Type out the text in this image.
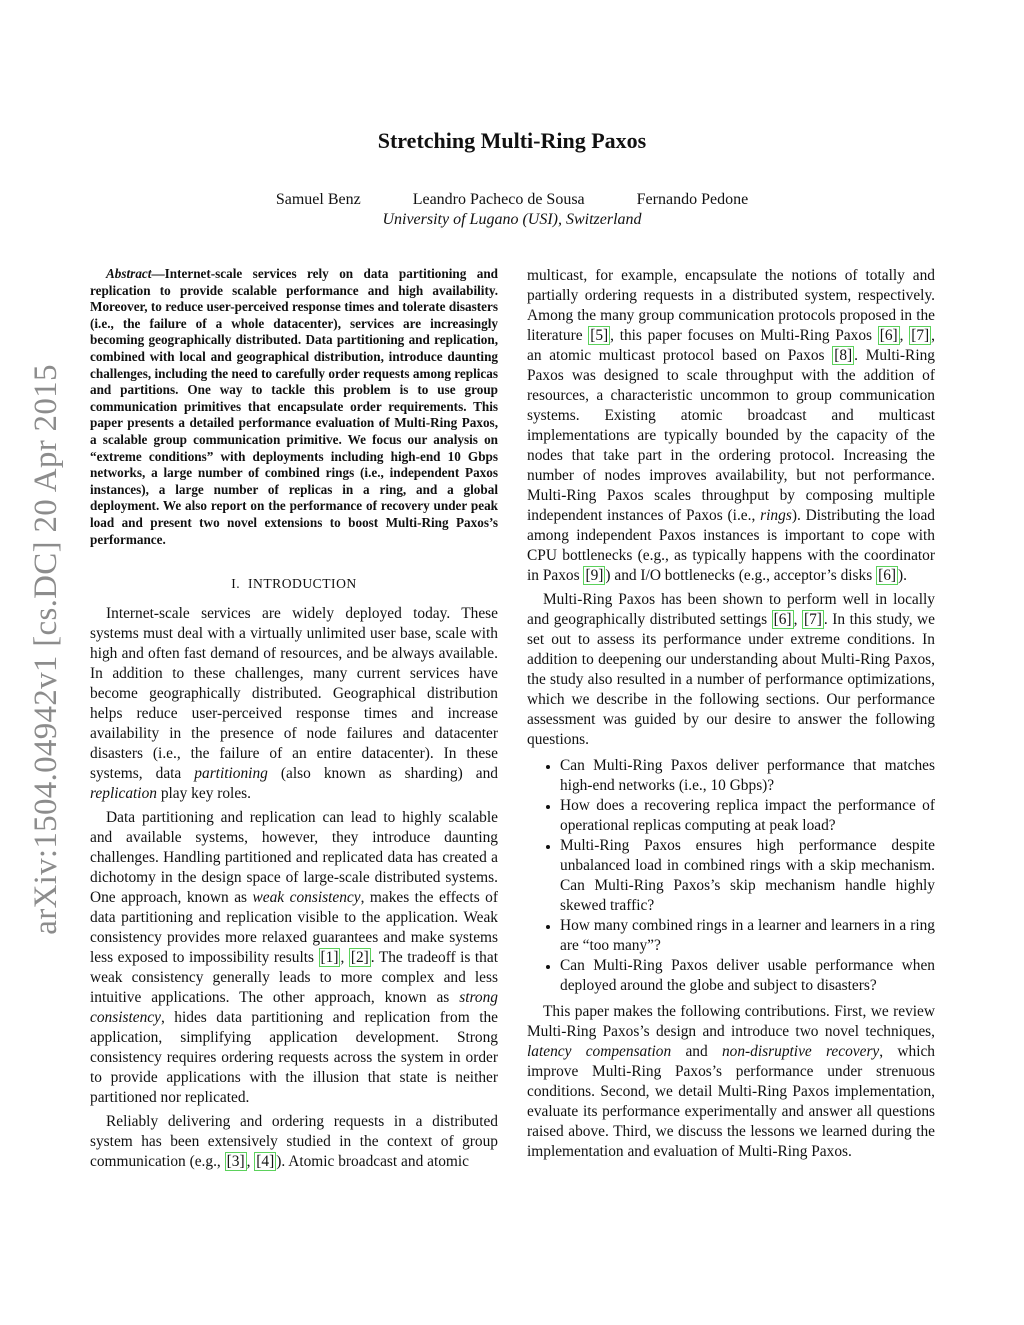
arXiv:1504.04942v1 [cs.DC] 20 Apr 2015
Stretching Multi-Ring Paxos
Samuel Benz	Leandro Pacheco de Sousa	Fernando Pedone
University of Lugano (USI), Switzerland
Abstract—Internet-scale services rely on data partitioning and replication to provide scalable performance and high availability. Moreover, to reduce user-perceived response times and tolerate disasters (i.e., the failure of a whole datacenter), services are increasingly becoming geographically distributed. Data partitioning and replication, combined with local and geographical distribution, introduce daunting challenges, including the need to carefully order requests among replicas and partitions. One way to tackle this problem is to use group communication primitives that encapsulate order requirements. This paper presents a detailed performance evaluation of Multi-Ring Paxos, a scalable group communication primitive. We focus our analysis on “extreme conditions” with deployments including high-end 10 Gbps networks, a large number of combined rings (i.e., independent Paxos instances), a large number of replicas in a ring, and a global deployment. We also report on the performance of recovery under peak load and present two novel extensions to boost Multi-Ring Paxos’s performance.
I. INTRODUCTION

Internet-scale services are widely deployed today. These systems must deal with a virtually unlimited user base, scale with high and often fast demand of resources, and be always available. In addition to these challenges, many current services have become geographically distributed. Geographical distribution helps reduce user-perceived response times and increase availability in the presence of node failures and datacenter disasters (i.e., the failure of an entire datacenter). In these systems, data partitioning (also known as sharding) and replication play key roles.

Data partitioning and replication can lead to highly scalable and available systems, however, they introduce daunting challenges. Handling partitioned and replicated data has created a dichotomy in the design space of large-scale distributed systems. One approach, known as weak consistency, makes the effects of data partitioning and replication visible to the application. Weak consistency provides more relaxed guarantees and make systems less exposed to impossibility results [1] , [2] . The tradeoff is that weak consistency generally leads to more complex and less intuitive applications. The other approach, known as strong consistency, hides data partitioning and replication from the application, simplifying application development. Strong consistency requires ordering requests across the system in order to provide applications with the illusion that state is neither partitioned nor replicated.

Reliably delivering and ordering requests in a distributed system has been extensively studied in the context of group communication (e.g., [3] , [4] ). Atomic broadcast and atomic

multicast, for example, encapsulate the notions of totally and partially ordering requests in a distributed system, respectively. Among the many group communication protocols proposed in the literature [5] , this paper focuses on Multi-Ring Paxos [6] , [7] , an atomic multicast protocol based on Paxos [8] . Multi-Ring Paxos was designed to scale throughput with the addition of resources, a characteristic uncommon to group communication systems. Existing atomic broadcast and multicast implementations are typically bounded by the capacity of the nodes that take part in the ordering protocol. Increasing the number of nodes improves availability, but not performance. Multi-Ring Paxos scales throughput by composing multiple independent instances of Paxos (i.e., rings). Distributing the load among independent Paxos instances is important to cope with CPU bottlenecks (e.g., as typically happens with the coordinator in Paxos [9] ) and I/O bottlenecks (e.g., acceptor’s disks [6] ).

Multi-Ring Paxos has been shown to perform well in locally and geographically distributed settings [6] , [7] . In this study, we set out to assess its performance under extreme conditions. In addition to deepening our understanding about Multi-Ring Paxos, the study also resulted in a number of performance optimizations, which we describe in the following sections. Our performance assessment was guided by our desire to answer the following questions.

• Can Multi-Ring Paxos deliver performance that matches high-end networks (i.e., 10 Gbps)?
• How does a recovering replica impact the performance of operational replicas computing at peak load?
• Multi-Ring Paxos ensures high performance despite unbalanced load in combined rings with a skip mechanism. Can Multi-Ring Paxos’s skip mechanism handle highly skewed traffic?
• How many combined rings in a learner and learners in a ring are “too many”?
• Can Multi-Ring Paxos deliver usable performance when deployed around the globe and subject to disasters?

This paper makes the following contributions. First, we review Multi-Ring Paxos’s design and introduce two novel techniques, latency compensation and non-disruptive recovery, which improve Multi-Ring Paxos’s performance under strenuous conditions. Second, we detail Multi-Ring Paxos implementation, evaluate its performance experimentally and answer all questions raised above. Third, we discuss the lessons we learned during the implementation and evaluation of Multi-Ring Paxos.
